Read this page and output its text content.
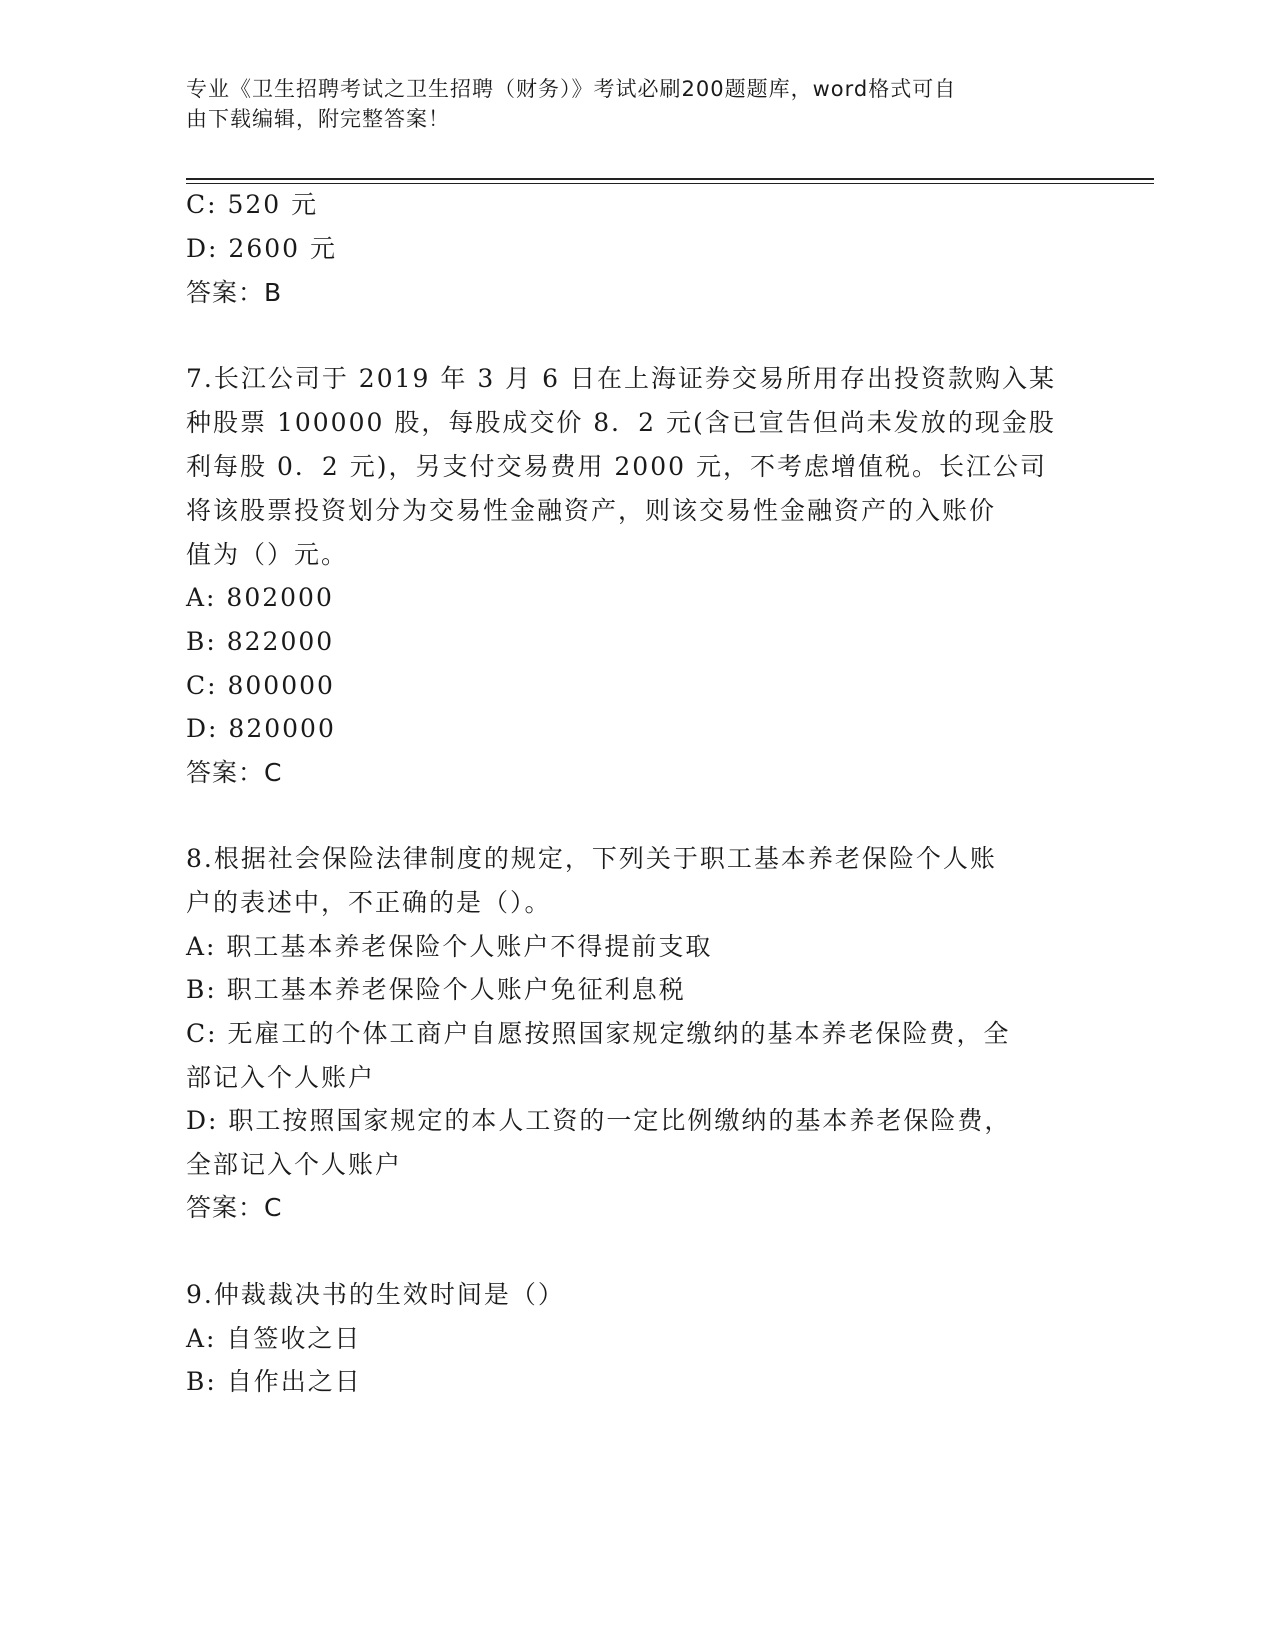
专业《卫生招聘考试之卫生招聘（财务）》考试必刷200题题库，word格式可自
由下载编辑，附完整答案！
C: 520 元
D: 2600 元
答案：B
7.长江公司于 2019 年 3 月 6 日在上海证券交易所用存出投资款购入某
种股票 100000 股，每股成交价 8．2 元(含已宣告但尚未发放的现金股
利每股 0．2 元)，另支付交易费用 2000 元，不考虑增值税。长江公司
将该股票投资划分为交易性金融资产，则该交易性金融资产的入账价
值为（）元。
A: 802000
B: 822000
C: 800000
D: 820000
答案：C
8.根据社会保险法律制度的规定，下列关于职工基本养老保险个人账
户的表述中，不正确的是（）。
A: 职工基本养老保险个人账户不得提前支取
B: 职工基本养老保险个人账户免征利息税
C: 无雇工的个体工商户自愿按照国家规定缴纳的基本养老保险费，全
部记入个人账户
D: 职工按照国家规定的本人工资的一定比例缴纳的基本养老保险费，
全部记入个人账户
答案：C
9.仲裁裁决书的生效时间是（）
A: 自签收之日
B: 自作出之日
